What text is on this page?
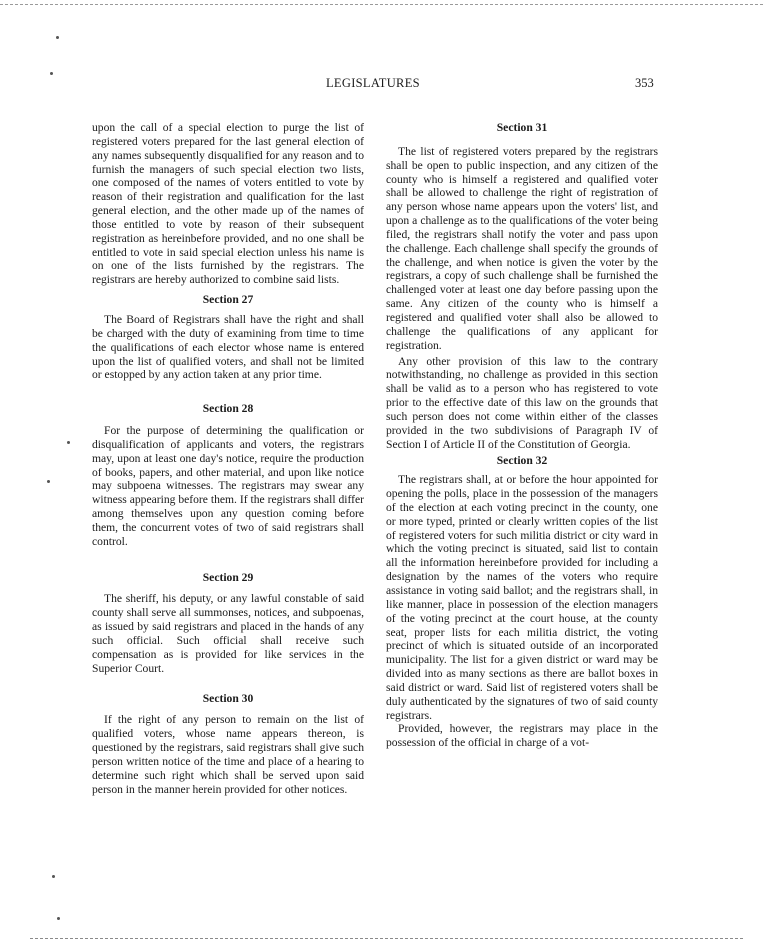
LEGISLATURES	353

upon the call of a special election to purge the list of registered voters prepared for the last general election of any names subsequently disqualified for any reason and to furnish the managers of such special election two lists, one composed of the names of voters entitled to vote by reason of their registration and qualification for the last general election, and the other made up of the names of those entitled to vote by reason of their subsequent registration as hereinbefore provided, and no one shall be entitled to vote in said special election unless his name is on one of the lists furnished by the registrars. The registrars are hereby authorized to combine said lists.

Section 27

The Board of Registrars shall have the right and shall be charged with the duty of examining from time to time the qualifications of each elector whose name is entered upon the list of qualified voters, and shall not be limited or estopped by any action taken at any prior time.

Section 28

For the purpose of determining the qualification or disqualification of applicants and voters, the registrars may, upon at least one day's notice, require the production of books, papers, and other material, and upon like notice may subpoena witnesses. The registrars may swear any witness appearing before them. If the registrars shall differ among themselves upon any question coming before them, the concurrent votes of two of said registrars shall control.

Section 29

The sheriff, his deputy, or any lawful constable of said county shall serve all summonses, notices, and subpoenas, as issued by said registrars and placed in the hands of any such official. Such official shall receive such compensation as is provided for like services in the Superior Court.

Section 30

If the right of any person to remain on the list of qualified voters, whose name appears thereon, is questioned by the registrars, said registrars shall give such person written notice of the time and place of a hearing to determine such right which shall be served upon said person in the manner herein provided for other notices.

Section 31

The list of registered voters prepared by the registrars shall be open to public inspection, and any citizen of the county who is himself a registered and qualified voter shall be allowed to challenge the right of registration of any person whose name appears upon the voters' list, and upon a challenge as to the qualifications of the voter being filed, the registrars shall notify the voter and pass upon the challenge. Each challenge shall specify the grounds of the challenge, and when notice is given the voter by the registrars, a copy of such challenge shall be furnished the challenged voter at least one day before passing upon the same. Any citizen of the county who is himself a registered and qualified voter shall also be allowed to challenge the qualifications of any applicant for registration.

Any other provision of this law to the contrary notwithstanding, no challenge as provided in this section shall be valid as to a person who has registered to vote prior to the effective date of this law on the grounds that such person does not come within either of the classes provided in the two subdivisions of Paragraph IV of Section I of Article II of the Constitution of Georgia.

Section 32

The registrars shall, at or before the hour appointed for opening the polls, place in the possession of the managers of the election at each voting precinct in the county, one or more typed, printed or clearly written copies of the list of registered voters for such militia district or city ward in which the voting precinct is situated, said list to contain all the information hereinbefore provided for including a designation by the names of the voters who require assistance in voting said ballot; and the registrars shall, in like manner, place in possession of the election managers of the voting precinct at the court house, at the county seat, proper lists for each militia district, the voting precinct of which is situated outside of an incorporated municipality. The list for a given district or ward may be divided into as many sections as there are ballot boxes in said district or ward. Said list of registered voters shall be duly authenticated by the signatures of two of said county registrars.

Provided, however, the registrars may place in the possession of the official in charge of a vot-
